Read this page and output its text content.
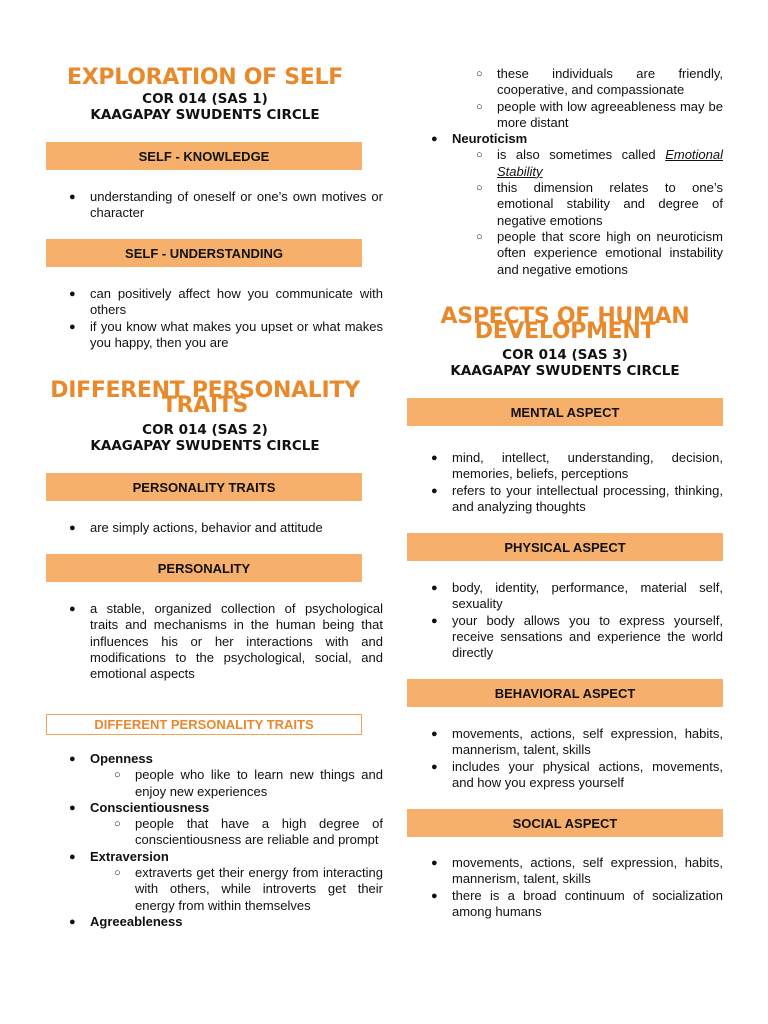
EXPLORATION OF SELF
COR 014 (SAS 1)
KAAGAPAY SWUDENTS CIRCLE
SELF - KNOWLEDGE
● understanding of oneself or one’s own motives or character
SELF - UNDERSTANDING
● can positively affect how you communicate with others
● if you know what makes you upset or what makes you happy, then you are
DIFFERENT PERSONALITY TRAITS
COR 014 (SAS 2)
KAAGAPAY SWUDENTS CIRCLE
PERSONALITY TRAITS
● are simply actions, behavior and attitude
PERSONALITY
● a stable, organized collection of psychological traits and mechanisms in the human being that influences his or her interactions with and modifications to the psychological, social, and emotional aspects
DIFFERENT PERSONALITY TRAITS
● Openness
○ people who like to learn new things and enjoy new experiences
● Conscientiousness
○ people that have a high degree of conscientiousness are reliable and prompt
● Extraversion
○ extraverts get their energy from interacting with others, while introverts get their energy from within themselves
● Agreeableness
○ these individuals are friendly, cooperative, and compassionate
○ people with low agreeableness may be more distant
● Neuroticism
○ is also sometimes called Emotional Stability
○ this dimension relates to one’s emotional stability and degree of negative emotions
○ people that score high on neuroticism often experience emotional instability and negative emotions
ASPECTS OF HUMAN DEVELOPMENT
COR 014 (SAS 3)
KAAGAPAY SWUDENTS CIRCLE
MENTAL ASPECT
● mind, intellect, understanding, decision, memories, beliefs, perceptions
● refers to your intellectual processing, thinking, and analyzing thoughts
PHYSICAL ASPECT
● body, identity, performance, material self, sexuality
● your body allows you to express yourself, receive sensations and experience the world directly
BEHAVIORAL ASPECT
● movements, actions, self expression, habits, mannerism, talent, skills
● includes your physical actions, movements, and how you express yourself
SOCIAL ASPECT
● movements, actions, self expression, habits, mannerism, talent, skills
● there is a broad continuum of socialization among humans
